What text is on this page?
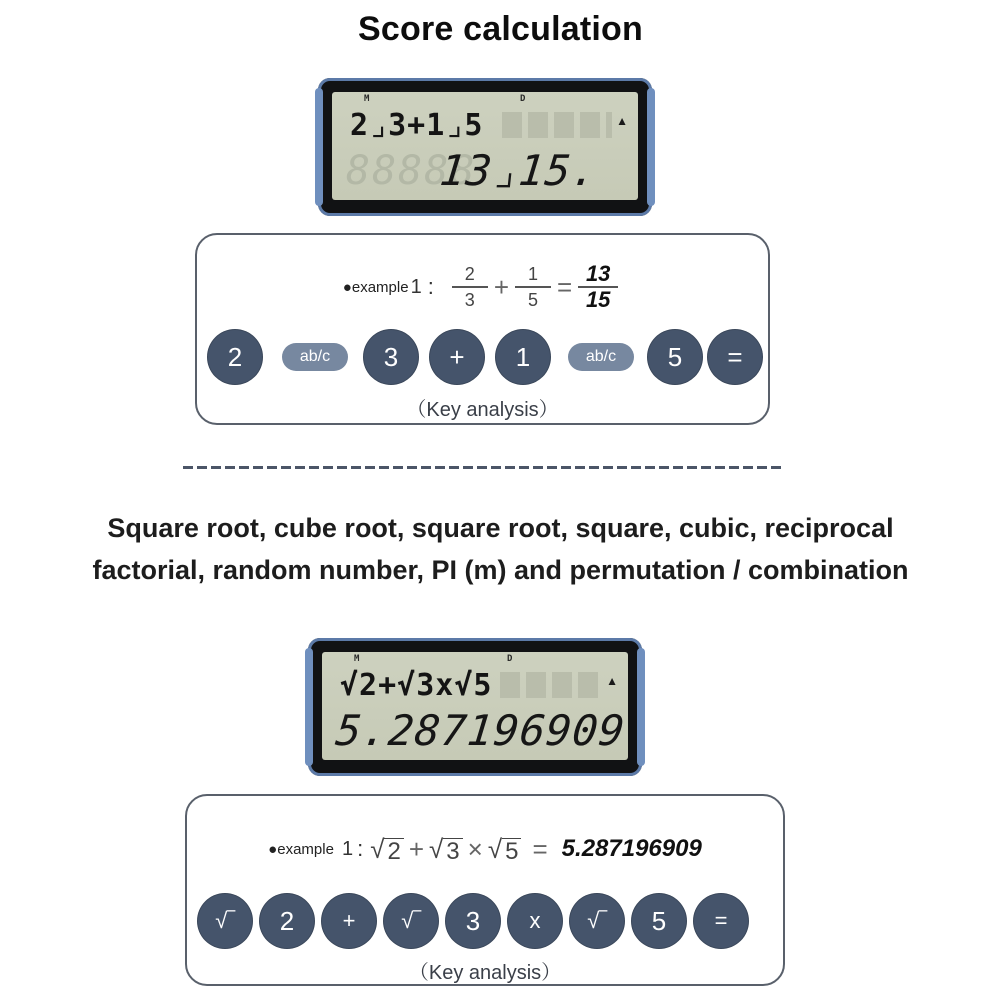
Score calculation
M	D
2⌟3+1⌟5
88888
13⌟15.
▲
●example 1 : $\frac{2}{3} + \frac{1}{5} = \frac{13}{15}$
2	ab/c	3	+	1	ab/c	5	=
（Key analysis）
Square root, cube root, square root, square, cubic, reciprocal
factorial, random number, PI (m) and permutation / combination
M	D
√2+√3x√5
5.287196909
▲
●example 1 : √ 2 + √ 3 × √ 5 = 5.287196909
√‾	2	+	√‾	3	x	√‾	5	=
（Key analysis）
